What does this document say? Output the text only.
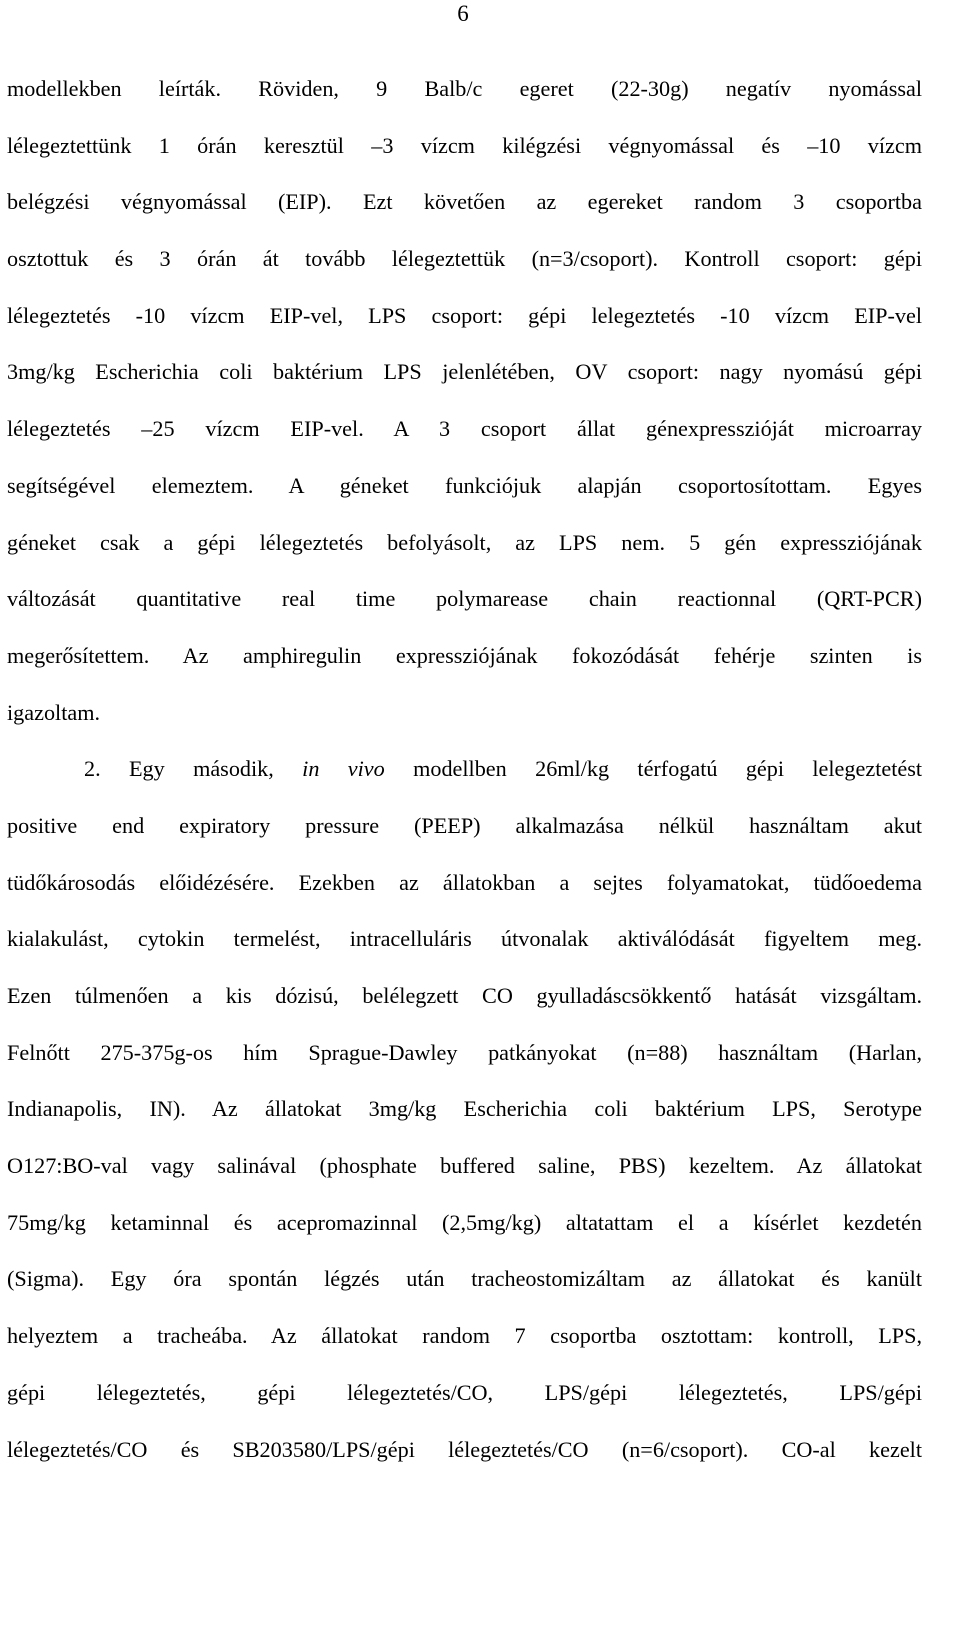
6
modellekben leírták. Röviden, 9 Balb/c egeret (22-30g) negatív nyomással
lélegeztettünk 1 órán keresztül –3 vízcm kilégzési végnyomással és –10 vízcm
belégzési végnyomással (EIP). Ezt követően az egereket random 3 csoportba
osztottuk és 3 órán át tovább lélegeztettük (n=3/csoport). Kontroll csoport: gépi
lélegeztetés -10 vízcm EIP-vel, LPS csoport: gépi lelegeztetés -10 vízcm EIP-vel
3mg/kg Escherichia coli baktérium LPS jelenlétében, OV csoport: nagy nyomású gépi
lélegeztetés –25 vízcm EIP-vel. A 3 csoport állat génexpresszióját microarray
segítségével elemeztem. A géneket funkciójuk alapján csoportosítottam. Egyes
géneket csak a gépi lélegeztetés befolyásolt, az LPS nem. 5 gén expressziójának
változását quantitative real time polymarease chain reactionnal (QRT-PCR)
megerősítettem. Az amphiregulin expressziójának fokozódását fehérje szinten is
igazoltam.
2. Egy második, in vivo modellben 26ml/kg térfogatú gépi lelegeztetést
positive end expiratory pressure (PEEP) alkalmazása nélkül használtam akut
tüdőkárosodás előidézésére. Ezekben az állatokban a sejtes folyamatokat, tüdőoedema
kialakulást, cytokin termelést, intracelluláris útvonalak aktiválódását figyeltem meg.
Ezen túlmenően a kis dózisú, belélegzett CO gyulladáscsökkentő hatását vizsgáltam.
Felnőtt 275-375g-os hím Sprague-Dawley patkányokat (n=88) használtam (Harlan,
Indianapolis, IN). Az állatokat 3mg/kg Escherichia coli baktérium LPS, Serotype
O127:BO-val vagy salinával (phosphate buffered saline, PBS) kezeltem. Az állatokat
75mg/kg ketaminnal és acepromazinnal (2,5mg/kg) altatattam el a kísérlet kezdetén
(Sigma). Egy óra spontán légzés után tracheostomizáltam az állatokat és kanült
helyeztem a tracheába. Az állatokat random 7 csoportba osztottam: kontroll, LPS,
gépi lélegeztetés, gépi lélegeztetés/CO, LPS/gépi lélegeztetés, LPS/gépi
lélegeztetés/CO és SB203580/LPS/gépi lélegeztetés/CO (n=6/csoport). CO-al kezelt
